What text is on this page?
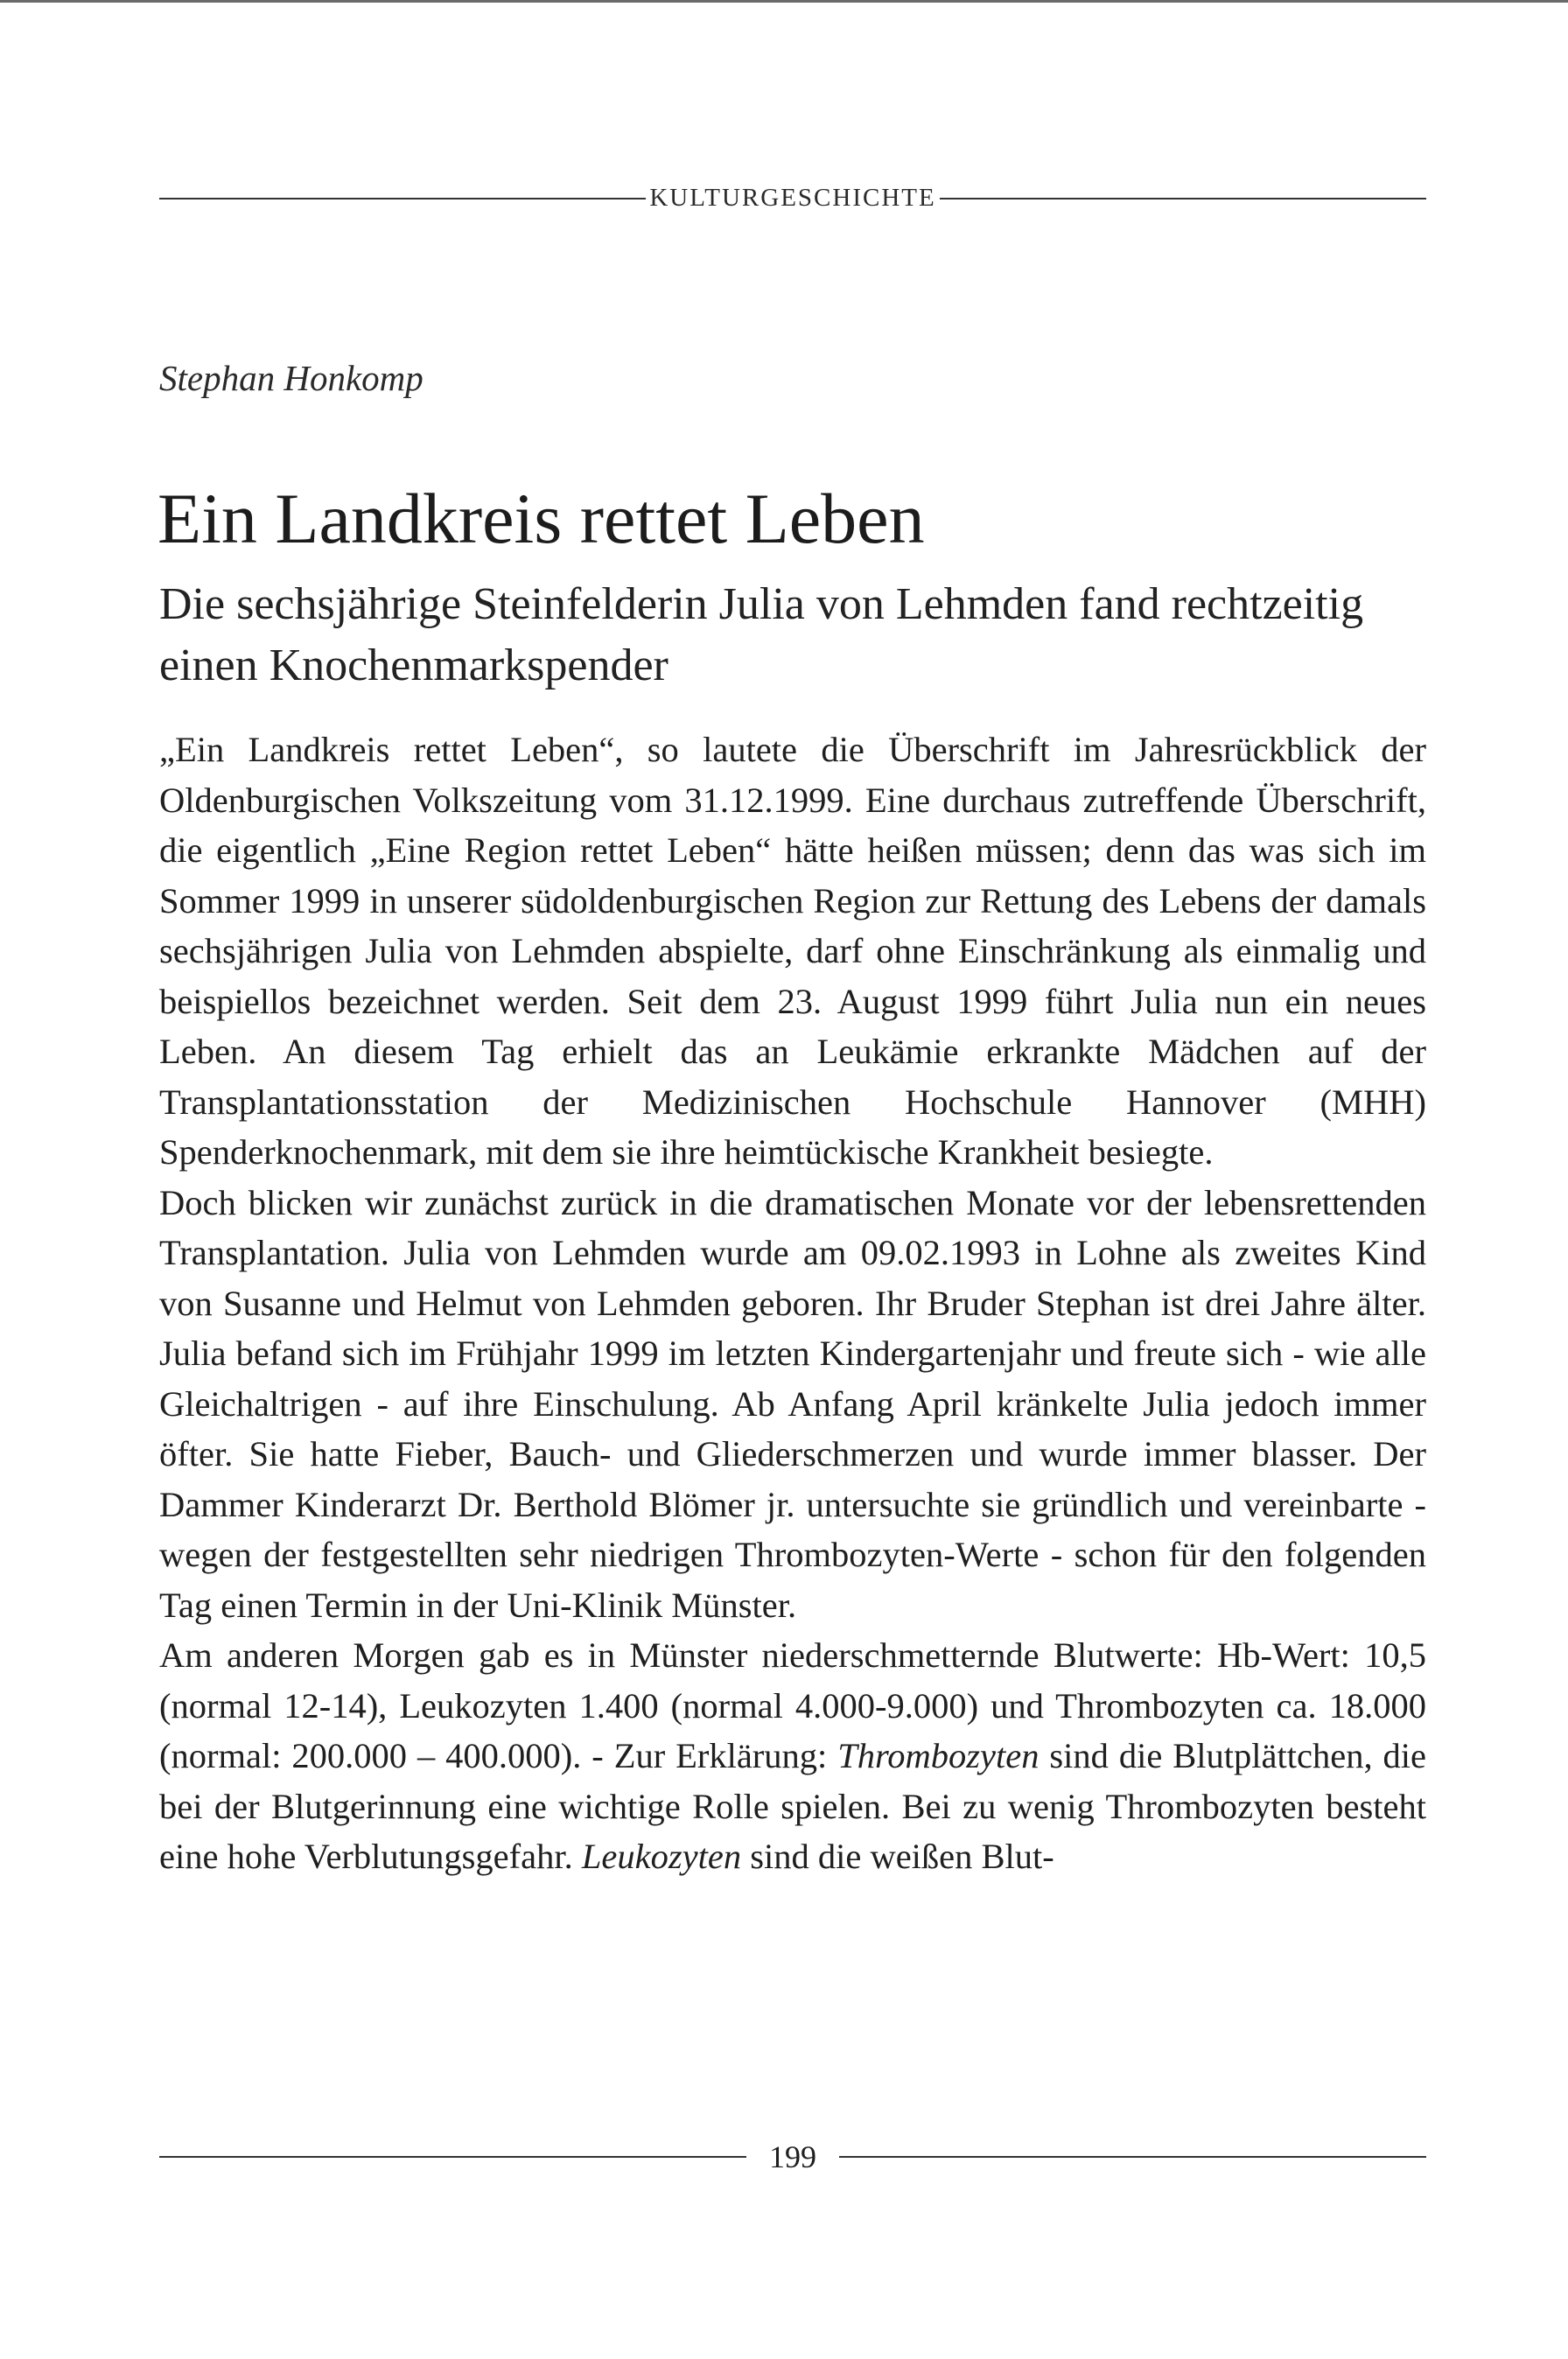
KULTURGESCHICHTE
Stephan Honkomp
Ein Landkreis rettet Leben
Die sechsjährige Steinfelderin Julia von Lehmden fand rechtzeitig einen Knochenmarkspender

„Ein Landkreis rettet Leben“, so lautete die Überschrift im Jahresrückblick der Oldenburgischen Volkszeitung vom 31.12.1999. Eine durchaus zutreffende Überschrift, die eigentlich „Eine Region rettet Leben“ hätte heißen müssen; denn das was sich im Sommer 1999 in unserer südoldenburgischen Region zur Rettung des Lebens der damals sechsjährigen Julia von Lehmden abspielte, darf ohne Einschränkung als einmalig und beispiellos bezeichnet werden. Seit dem 23. August 1999 führt Julia nun ein neues Leben. An diesem Tag erhielt das an Leukämie erkrankte Mädchen auf der Transplantationsstation der Medizinischen Hochschule Hannover (MHH) Spenderknochenmark, mit dem sie ihre heimtückische Krankheit besiegte.

Doch blicken wir zunächst zurück in die dramatischen Monate vor der lebensrettenden Transplantation. Julia von Lehmden wurde am 09.02.1993 in Lohne als zweites Kind von Susanne und Helmut von Lehmden geboren. Ihr Bruder Stephan ist drei Jahre älter. Julia befand sich im Frühjahr 1999 im letzten Kindergartenjahr und freute sich - wie alle Gleichaltrigen - auf ihre Einschulung. Ab Anfang April kränkelte Julia jedoch immer öfter. Sie hatte Fieber, Bauch- und Gliederschmerzen und wurde immer blasser. Der Dammer Kinderarzt Dr. Berthold Blömer jr. untersuchte sie gründlich und vereinbarte - wegen der festgestellten sehr niedrigen Thrombozyten-Werte - schon für den folgenden Tag einen Termin in der Uni-Klinik Münster.

Am anderen Morgen gab es in Münster niederschmetternde Blutwerte: Hb-Wert: 10,5 (normal 12-14), Leukozyten 1.400 (normal 4.000-9.000) und Thrombozyten ca. 18.000 (normal: 200.000 – 400.000). - Zur Erklärung: Thrombozyten sind die Blutplättchen, die bei der Blutgerinnung eine wichtige Rolle spielen. Bei zu wenig Thrombozyten besteht eine hohe Verblutungsgefahr. Leukozyten sind die weißen Blut-

199
